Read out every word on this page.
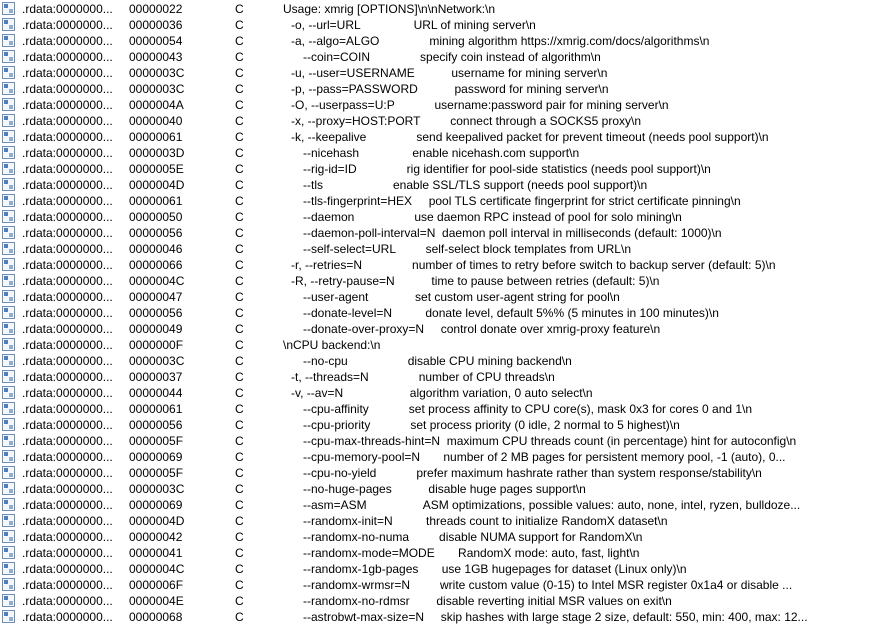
.rdata:0000000...	00000022	C	Usage: xmrig [OPTIONS]\n\nNetwork:\n
.rdata:0000000...	00000036	C	-o, --url=URL                URL of mining server\n
.rdata:0000000...	00000054	C	-a, --algo=ALGO               mining algorithm https://xmrig.com/docs/algorithms\n
.rdata:0000000...	00000043	C	--coin=COIN               specify coin instead of algorithm\n
.rdata:0000000...	0000003C	C	-u, --user=USERNAME           username for mining server\n
.rdata:0000000...	0000003C	C	-p, --pass=PASSWORD           password for mining server\n
.rdata:0000000...	0000004A	C	-O, --userpass=U:P            username:password pair for mining server\n
.rdata:0000000...	00000040	C	-x, --proxy=HOST:PORT         connect through a SOCKS5 proxy\n
.rdata:0000000...	00000061	C	-k, --keepalive               send keepalived packet for prevent timeout (needs pool support)\n
.rdata:0000000...	0000003D	C	--nicehash                enable nicehash.com support\n
.rdata:0000000...	0000005E	C	--rig-id=ID               rig identifier for pool-side statistics (needs pool support)\n
.rdata:0000000...	0000004D	C	--tls                     enable SSL/TLS support (needs pool support)\n
.rdata:0000000...	00000061	C	--tls-fingerprint=HEX     pool TLS certificate fingerprint for strict certificate pinning\n
.rdata:0000000...	00000050	C	--daemon                  use daemon RPC instead of pool for solo mining\n
.rdata:0000000...	00000056	C	--daemon-poll-interval=N  daemon poll interval in milliseconds (default: 1000)\n
.rdata:0000000...	00000046	C	--self-select=URL         self-select block templates from URL\n
.rdata:0000000...	00000066	C	-r, --retries=N               number of times to retry before switch to backup server (default: 5)\n
.rdata:0000000...	0000004C	C	-R, --retry-pause=N           time to pause between retries (default: 5)\n
.rdata:0000000...	00000047	C	--user-agent              set custom user-agent string for pool\n
.rdata:0000000...	00000056	C	--donate-level=N          donate level, default 5%% (5 minutes in 100 minutes)\n
.rdata:0000000...	00000049	C	--donate-over-proxy=N     control donate over xmrig-proxy feature\n
.rdata:0000000...	0000000F	C	\nCPU backend:\n
.rdata:0000000...	0000003C	C	--no-cpu                  disable CPU mining backend\n
.rdata:0000000...	00000037	C	-t, --threads=N               number of CPU threads\n
.rdata:0000000...	00000044	C	-v, --av=N                    algorithm variation, 0 auto select\n
.rdata:0000000...	00000061	C	--cpu-affinity            set process affinity to CPU core(s), mask 0x3 for cores 0 and 1\n
.rdata:0000000...	00000056	C	--cpu-priority            set process priority (0 idle, 2 normal to 5 highest)\n
.rdata:0000000...	0000005F	C	--cpu-max-threads-hint=N  maximum CPU threads count (in percentage) hint for autoconfig\n
.rdata:0000000...	00000069	C	--cpu-memory-pool=N       number of 2 MB pages for persistent memory pool, -1 (auto), 0...
.rdata:0000000...	0000005F	C	--cpu-no-yield            prefer maximum hashrate rather than system response/stability\n
.rdata:0000000...	0000003C	C	--no-huge-pages           disable huge pages support\n
.rdata:0000000...	00000069	C	--asm=ASM                 ASM optimizations, possible values: auto, none, intel, ryzen, bulldoze...
.rdata:0000000...	0000004D	C	--randomx-init=N          threads count to initialize RandomX dataset\n
.rdata:0000000...	00000042	C	--randomx-no-numa         disable NUMA support for RandomX\n
.rdata:0000000...	00000041	C	--randomx-mode=MODE       RandomX mode: auto, fast, light\n
.rdata:0000000...	0000004C	C	--randomx-1gb-pages       use 1GB hugepages for dataset (Linux only)\n
.rdata:0000000...	0000006F	C	--randomx-wrmsr=N         write custom value (0-15) to Intel MSR register 0x1a4 or disable ...
.rdata:0000000...	0000004E	C	--randomx-no-rdmsr        disable reverting initial MSR values on exit\n
.rdata:0000000...	00000068	C	--astrobwt-max-size=N     skip hashes with large stage 2 size, default: 550, min: 400, max: 12...
